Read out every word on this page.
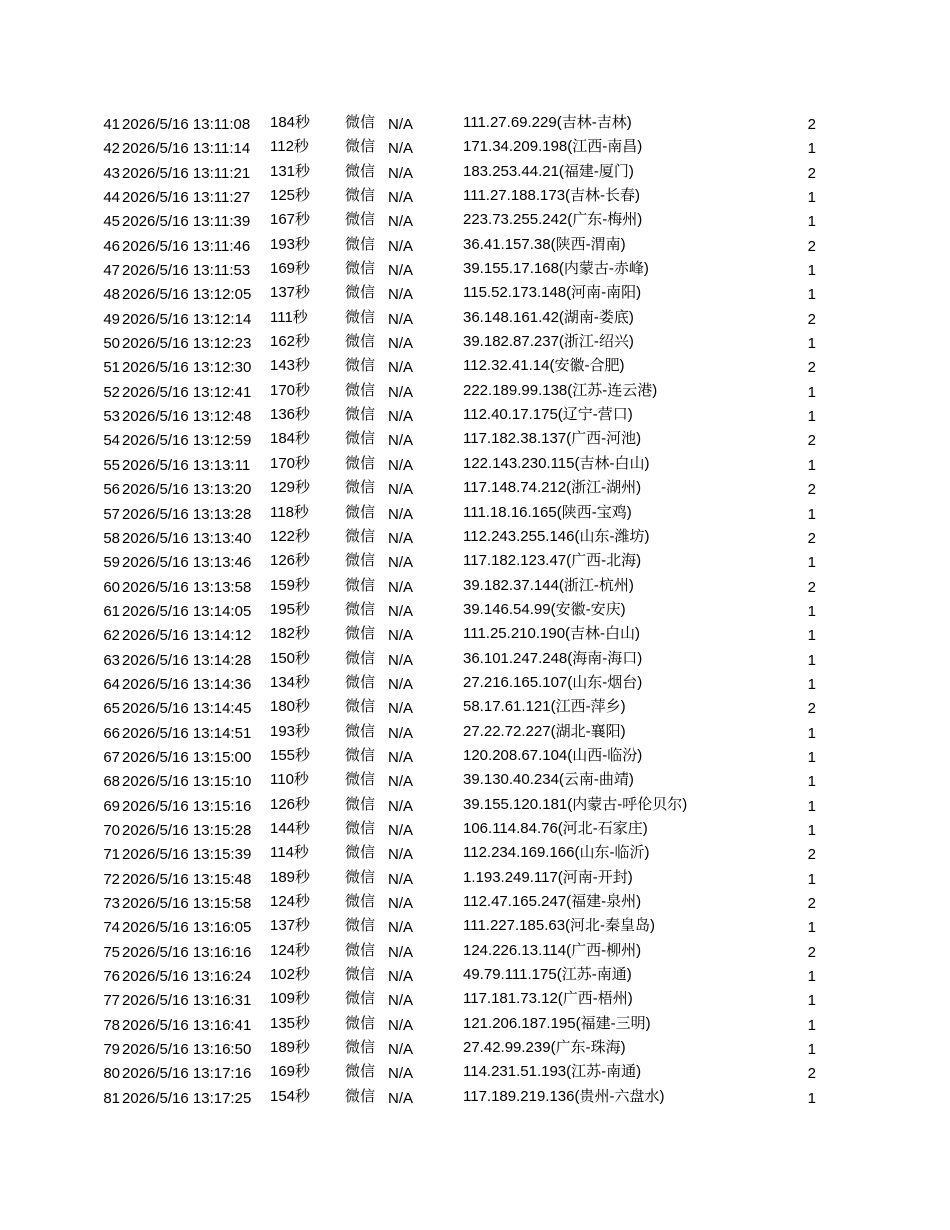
41 2026/5/16 13:11:08 184秒 微信 N/A	111.27.69.229(吉林-吉林)	2
42 2026/5/16 13:11:14 112秒 微信 N/A	171.34.209.198(江西-南昌)	1
43 2026/5/16 13:11:21 131秒 微信 N/A	183.253.44.21(福建-厦门)	2
44 2026/5/16 13:11:27 125秒 微信 N/A	111.27.188.173(吉林-长春)	1
45 2026/5/16 13:11:39 167秒 微信 N/A	223.73.255.242(广东-梅州)	1
46 2026/5/16 13:11:46 193秒 微信 N/A	36.41.157.38(陕西-渭南)	2
47 2026/5/16 13:11:53 169秒 微信 N/A	39.155.17.168(内蒙古-赤峰)	1
48 2026/5/16 13:12:05 137秒 微信 N/A	115.52.173.148(河南-南阳)	1
49 2026/5/16 13:12:14 111秒 微信 N/A	36.148.161.42(湖南-娄底)	2
50 2026/5/16 13:12:23 162秒 微信 N/A	39.182.87.237(浙江-绍兴)	1
51 2026/5/16 13:12:30 143秒 微信 N/A	112.32.41.14(安徽-合肥)	2
52 2026/5/16 13:12:41 170秒 微信 N/A	222.189.99.138(江苏-连云港)	1
53 2026/5/16 13:12:48 136秒 微信 N/A	112.40.17.175(辽宁-营口)	1
54 2026/5/16 13:12:59 184秒 微信 N/A	117.182.38.137(广西-河池)	2
55 2026/5/16 13:13:11 170秒 微信 N/A	122.143.230.115(吉林-白山)	1
56 2026/5/16 13:13:20 129秒 微信 N/A	117.148.74.212(浙江-湖州)	2
57 2026/5/16 13:13:28 118秒 微信 N/A	111.18.16.165(陕西-宝鸡)	1
58 2026/5/16 13:13:40 122秒 微信 N/A	112.243.255.146(山东-潍坊)	2
59 2026/5/16 13:13:46 126秒 微信 N/A	117.182.123.47(广西-北海)	1
60 2026/5/16 13:13:58 159秒 微信 N/A	39.182.37.144(浙江-杭州)	2
61 2026/5/16 13:14:05 195秒 微信 N/A	39.146.54.99(安徽-安庆)	1
62 2026/5/16 13:14:12 182秒 微信 N/A	111.25.210.190(吉林-白山)	1
63 2026/5/16 13:14:28 150秒 微信 N/A	36.101.247.248(海南-海口)	1
64 2026/5/16 13:14:36 134秒 微信 N/A	27.216.165.107(山东-烟台)	1
65 2026/5/16 13:14:45 180秒 微信 N/A	58.17.61.121(江西-萍乡)	2
66 2026/5/16 13:14:51 193秒 微信 N/A	27.22.72.227(湖北-襄阳)	1
67 2026/5/16 13:15:00 155秒 微信 N/A	120.208.67.104(山西-临汾)	1
68 2026/5/16 13:15:10 110秒 微信 N/A	39.130.40.234(云南-曲靖)	1
69 2026/5/16 13:15:16 126秒 微信 N/A	39.155.120.181(内蒙古-呼伦贝尔)	1
70 2026/5/16 13:15:28 144秒 微信 N/A	106.114.84.76(河北-石家庄)	1
71 2026/5/16 13:15:39 114秒 微信 N/A	112.234.169.166(山东-临沂)	2
72 2026/5/16 13:15:48 189秒 微信 N/A	1.193.249.117(河南-开封)	1
73 2026/5/16 13:15:58 124秒 微信 N/A	112.47.165.247(福建-泉州)	2
74 2026/5/16 13:16:05 137秒 微信 N/A	111.227.185.63(河北-秦皇岛)	1
75 2026/5/16 13:16:16 124秒 微信 N/A	124.226.13.114(广西-柳州)	2
76 2026/5/16 13:16:24 102秒 微信 N/A	49.79.111.175(江苏-南通)	1
77 2026/5/16 13:16:31 109秒 微信 N/A	117.181.73.12(广西-梧州)	1
78 2026/5/16 13:16:41 135秒 微信 N/A	121.206.187.195(福建-三明)	1
79 2026/5/16 13:16:50 189秒 微信 N/A	27.42.99.239(广东-珠海)	1
80 2026/5/16 13:17:16 169秒 微信 N/A	114.231.51.193(江苏-南通)	2
81 2026/5/16 13:17:25 154秒 微信 N/A	117.189.219.136(贵州-六盘水)	1
